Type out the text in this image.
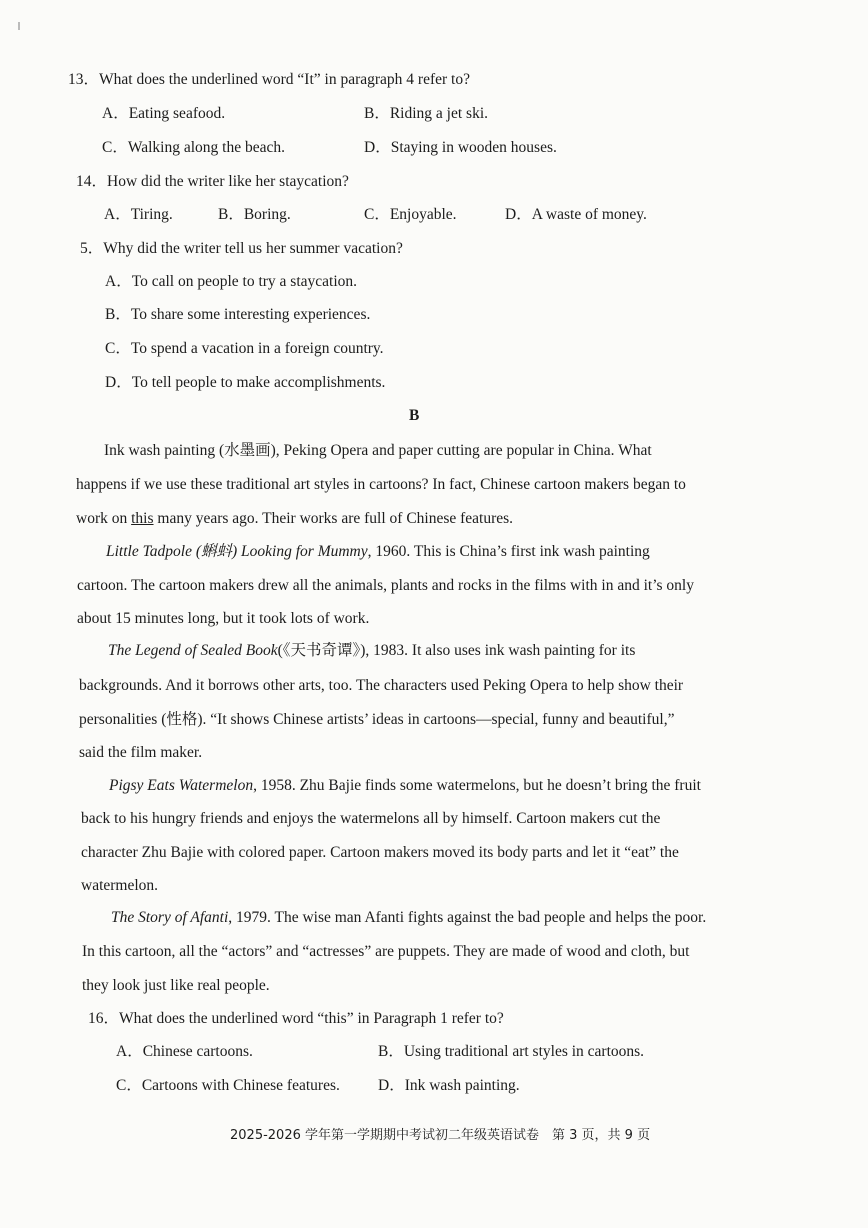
13．What does the underlined word “It” in paragraph 4 refer to?
A．Eating seafood.	B．Riding a jet ski.
C．Walking along the beach.	D．Staying in wooden houses.
14．How did the writer like her staycation?
A．Tiring.	B．Boring.	C．Enjoyable.	D．A waste of money.
5．Why did the writer tell us her summer vacation?
A．To call on people to try a staycation.
B．To share some interesting experiences.
C．To spend a vacation in a foreign country.
D．To tell people to make accomplishments.
B
Ink wash painting (水墨画), Peking Opera and paper cutting are popular in China. What
happens if we use these traditional art styles in cartoons? In fact, Chinese cartoon makers began to
work on this many years ago. Their works are full of Chinese features.
Little Tadpole (蝌蚪) Looking for Mummy, 1960. This is China’s first ink wash painting
cartoon. The cartoon makers drew all the animals, plants and rocks in the films with in and it’s only
about 15 minutes long, but it took lots of work.
The Legend of Sealed Book(《天书奇谭》), 1983. It also uses ink wash painting for its
backgrounds. And it borrows other arts, too. The characters used Peking Opera to help show their
personalities (性格). “It shows Chinese artists’ ideas in cartoons—special, funny and beautiful,”
said the film maker.
Pigsy Eats Watermelon, 1958. Zhu Bajie finds some watermelons, but he doesn’t bring the fruit
back to his hungry friends and enjoys the watermelons all by himself. Cartoon makers cut the
character Zhu Bajie with colored paper. Cartoon makers moved its body parts and let it “eat” the
watermelon.
The Story of Afanti, 1979. The wise man Afanti fights against the bad people and helps the poor.
In this cartoon, all the “actors” and “actresses” are puppets. They are made of wood and cloth, but
they look just like real people.
16．What does the underlined word “this” in Paragraph 1 refer to?
A．Chinese cartoons.	B．Using traditional art styles in cartoons.
C．Cartoons with Chinese features. D．Ink wash painting.
2025-2026 学年第一学期期中考试初二年级英语试卷　第 3 页，共 9 页
